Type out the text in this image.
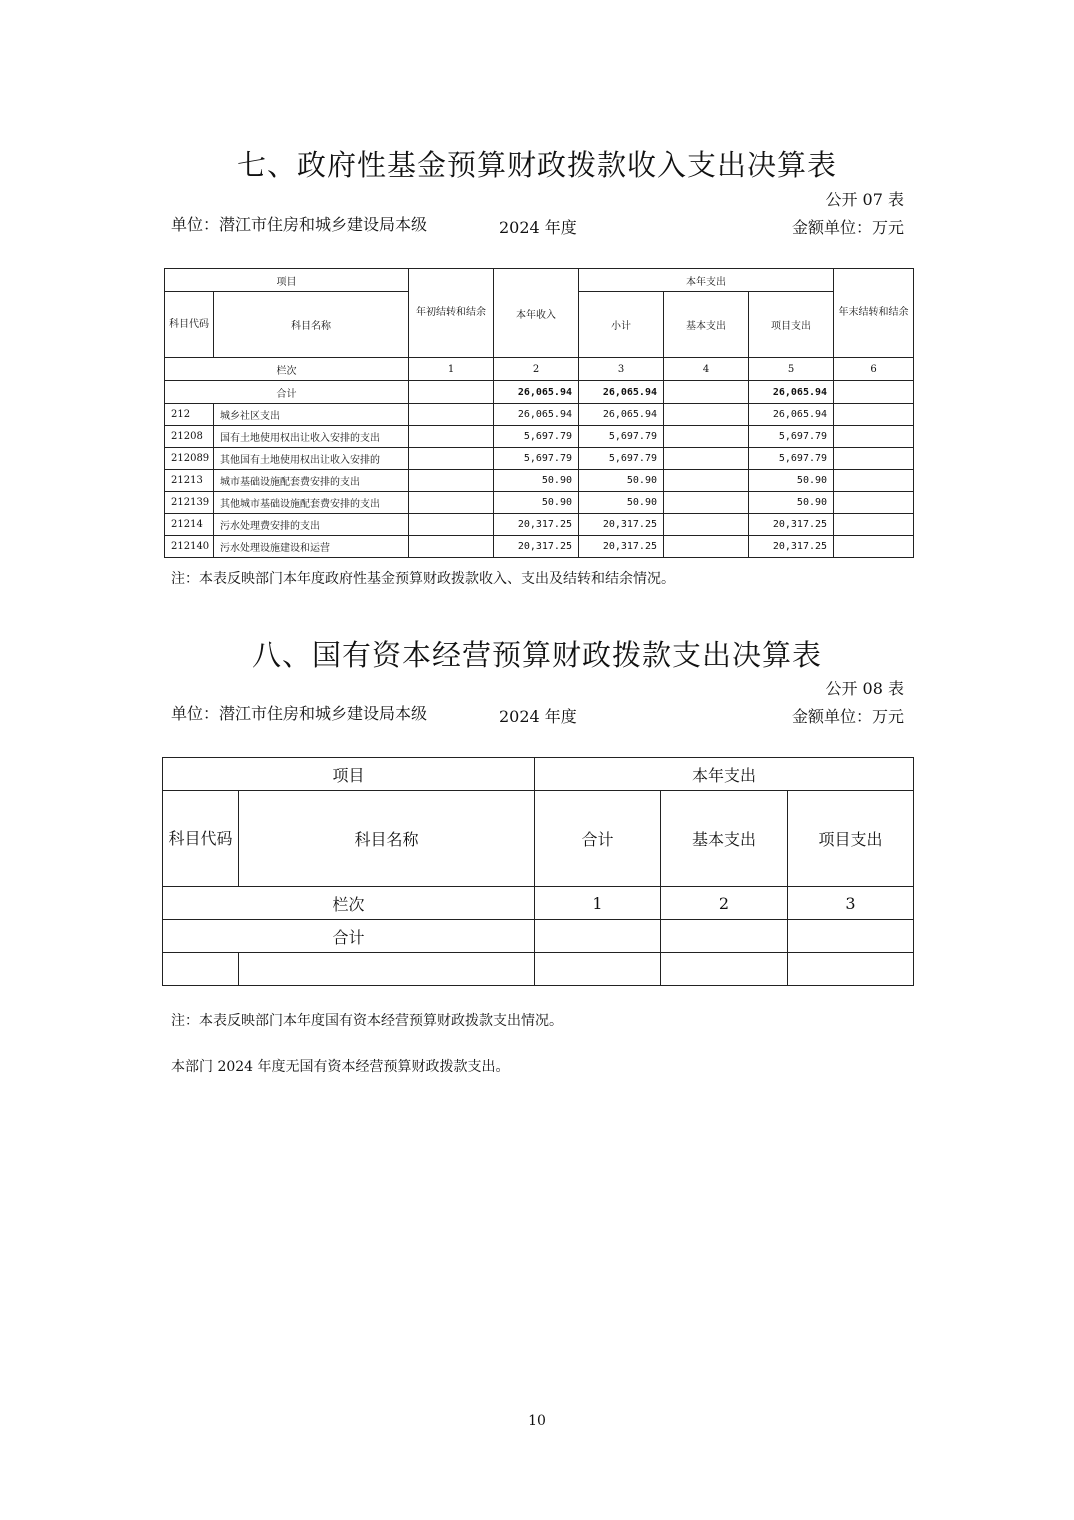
七、政府性基金预算财政拨款收入支出决算表
公开 07 表
单位：潜江市住房和城乡建设局本级	2024 年度	金额单位：万元
项目		年初结转和结余	本年收入	本年支出			年末结转和结余
科目代码	科目名称			小计	基本支出	项目支出	
栏次		1	2	3	4	5	6
合计			26,065.94	26,065.94		26,065.94	
212	城乡社区支出		26,065.94	26,065.94		26,065.94	
21208	国有土地使用权出让收入安排的支出		5,697.79	5,697.79		5,697.79	
212089	其他国有土地使用权出让收入安排的		5,697.79	5,697.79		5,697.79	
21213	城市基础设施配套费安排的支出		50.90	50.90		50.90	
212139	其他城市基础设施配套费安排的支出		50.90	50.90		50.90	
21214	污水处理费安排的支出		20,317.25	20,317.25		20,317.25	
212140	污水处理设施建设和运营		20,317.25	20,317.25		20,317.25	
注：本表反映部门本年度政府性基金预算财政拨款收入、支出及结转和结余情况。
八、国有资本经营预算财政拨款支出决算表
公开 08 表
单位：潜江市住房和城乡建设局本级	2024 年度	金额单位：万元
项目		本年支出		
科目代码	科目名称	合计	基本支出	项目支出
栏次		1	2	3
合计				

注：本表反映部门本年度国有资本经营预算财政拨款支出情况。
本部门 2024 年度无国有资本经营预算财政拨款支出。
10
